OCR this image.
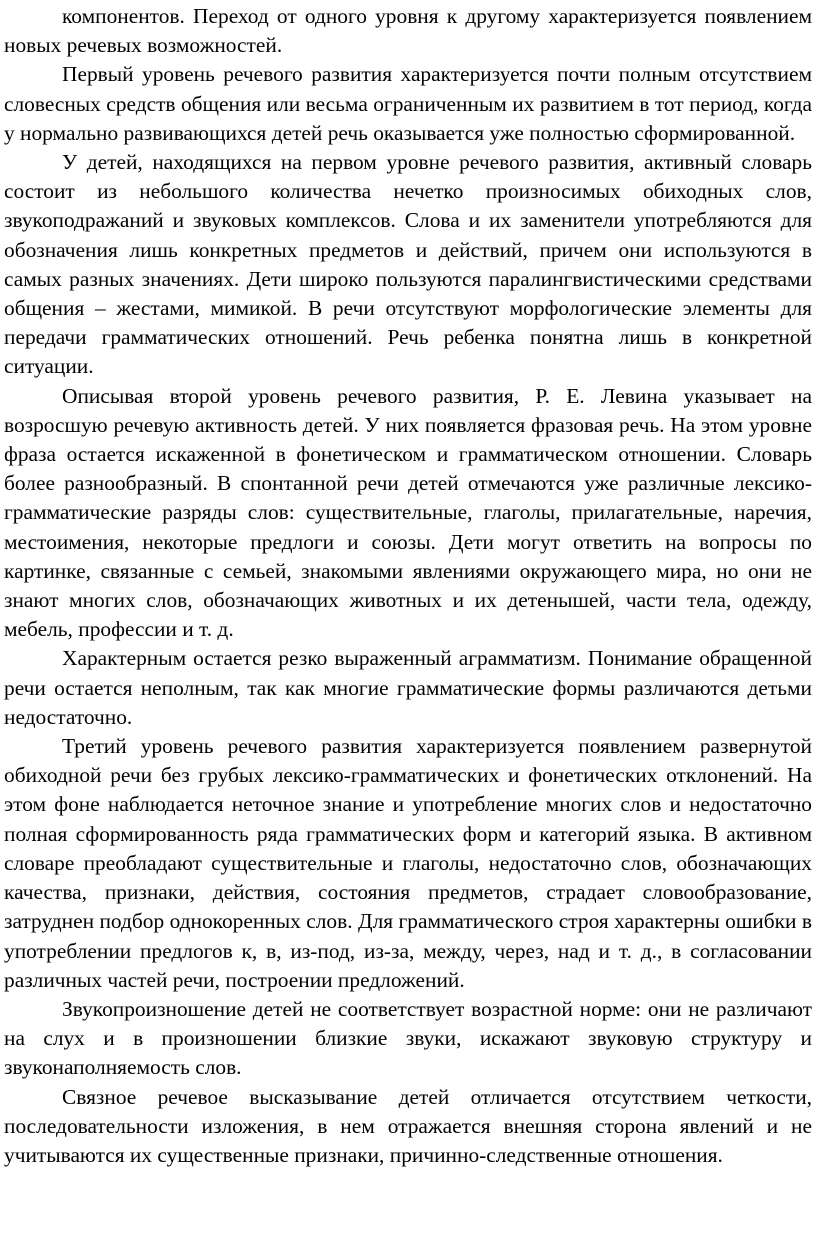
компонентов. Переход от одного уровня к другому характеризуется появлением новых речевых возможностей.

Первый уровень речевого развития характеризуется почти полным отсутствием словесных средств общения или весьма ограниченным их развитием в тот период, когда у нормально развивающихся детей речь оказывается уже полностью сформированной.

У детей, находящихся на первом уровне речевого развития, активный словарь состоит из небольшого количества нечетко произносимых обиходных слов, звукоподражаний и звуковых комплексов. Слова и их заменители употребляются для обозначения лишь конкретных предметов и действий, причем они используются в самых разных значениях. Дети широко пользуются паралингвистическими средствами общения – жестами, мимикой. В речи отсутствуют морфологические элементы для передачи грамматических отношений. Речь ребенка понятна лишь в конкретной ситуации.

Описывая второй уровень речевого развития, Р. Е. Левина указывает на возросшую речевую активность детей. У них появляется фразовая речь. На этом уровне фраза остается искаженной в фонетическом и грамматическом отношении. Словарь более разнообразный. В спонтанной речи детей отмечаются уже различные лексико-грамматические разряды слов: существительные, глаголы, прилагательные, наречия, местоимения, некоторые предлоги и союзы. Дети могут ответить на вопросы по картинке, связанные с семьей, знакомыми явлениями окружающего мира, но они не знают многих слов, обозначающих животных и их детенышей, части тела, одежду, мебель, профессии и т. д.

Характерным остается резко выраженный аграмматизм. Понимание обращенной речи остается неполным, так как многие грамматические формы различаются детьми недостаточно.

Третий уровень речевого развития характеризуется появлением развернутой обиходной речи без грубых лексико-грамматических и фонетических отклонений. На этом фоне наблюдается неточное знание и употребление многих слов и недостаточно полная сформированность ряда грамматических форм и категорий языка. В активном словаре преобладают существительные и глаголы, недостаточно слов, обозначающих качества, признаки, действия, состояния предметов, страдает словообразование, затруднен подбор однокоренных слов. Для грамматического строя характерны ошибки в употреблении предлогов к, в, из-под, из-за, между, через, над и т. д., в согласовании различных частей речи, построении предложений.

Звукопроизношение детей не соответствует возрастной норме: они не различают на слух и в произношении близкие звуки, искажают звуковую структуру и звуконаполняемость слов.

Связное речевое высказывание детей отличается отсутствием четкости, последовательности изложения, в нем отражается внешняя сторона явлений и не учитываются их существенные признаки, причинно-следственные отношения.
